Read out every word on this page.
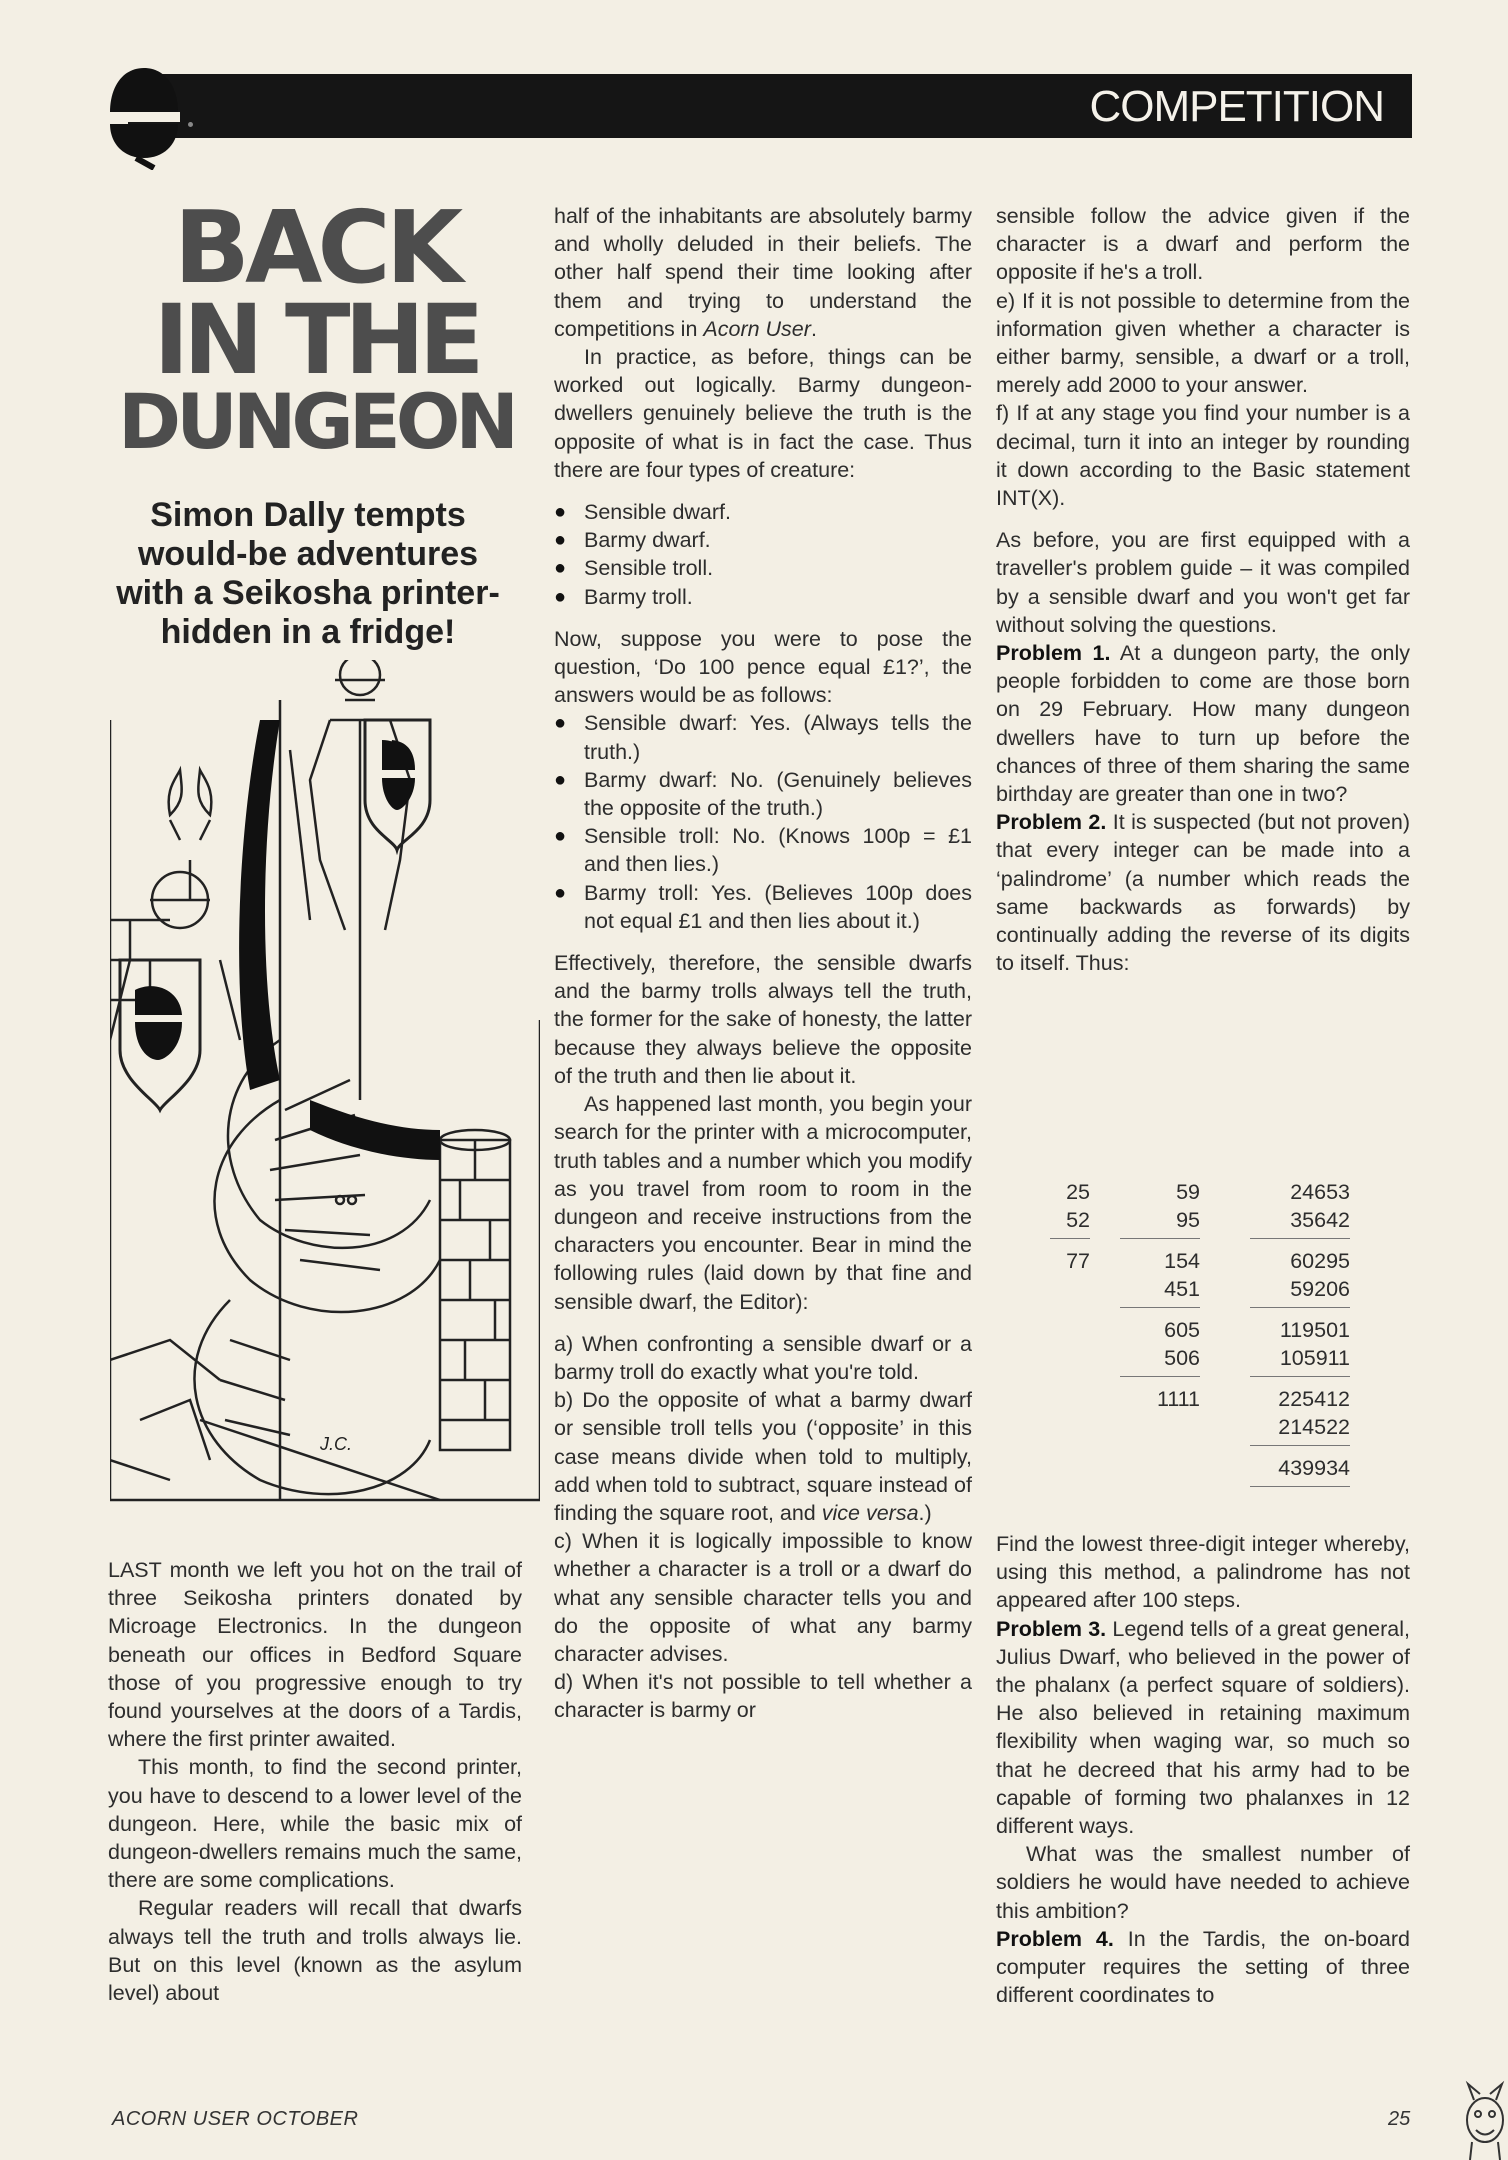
COMPETITION
BACK
IN THE
DUNGEON
Simon Dally tempts would-be adventures with a Seikosha printer-hidden in a fridge!
J.C.

LAST month we left you hot on the trail of three Seikosha printers donated by Microage Electronics. In the dungeon beneath our offices in Bedford Square those of you progressive enough to try found yourselves at the doors of a Tardis, where the first printer awaited.

This month, to find the second printer, you have to descend to a lower level of the dungeon. Here, while the basic mix of dungeon-dwellers remains much the same, there are some complications.

Regular readers will recall that dwarfs always tell the truth and trolls always lie. But on this level (known as the asylum level) about

half of the inhabitants are absolutely barmy and wholly deluded in their beliefs. The other half spend their time looking after them and trying to understand the competitions in Acorn User.

In practice, as before, things can be worked out logically. Barmy dungeon-dwellers genuinely believe the truth is the opposite of what is in fact the case. Thus there are four types of creature:

● Sensible dwarf.

● Barmy dwarf.

● Sensible troll.

● Barmy troll.

Now, suppose you were to pose the question, ‘Do 100 pence equal £1?’, the answers would be as follows:

● Sensible dwarf: Yes. (Always tells the truth.)

● Barmy dwarf: No. (Genuinely believes the opposite of the truth.)

● Sensible troll: No. (Knows 100p = £1 and then lies.)

● Barmy troll: Yes. (Believes 100p does not equal £1 and then lies about it.)

Effectively, therefore, the sensible dwarfs and the barmy trolls always tell the truth, the former for the sake of honesty, the latter because they always believe the opposite of the truth and then lie about it.

As happened last month, you begin your search for the printer with a microcomputer, truth tables and a number which you modify as you travel from room to room in the dungeon and receive instructions from the characters you encounter. Bear in mind the following rules (laid down by that fine and sensible dwarf, the Editor):

a) When confronting a sensible dwarf or a barmy troll do exactly what you're told.

b) Do the opposite of what a barmy dwarf or sensible troll tells you (‘opposite’ in this case means divide when told to multiply, add when told to subtract, square instead of finding the square root, and vice versa.)

c) When it is logically impossible to know whether a character is a troll or a dwarf do what any sensible character tells you and do the opposite of what any barmy character advises.

d) When it's not possible to tell whether a character is barmy or

sensible follow the advice given if the character is a dwarf and perform the opposite if he's a troll.

e) If it is not possible to determine from the information given whether a character is either barmy, sensible, a dwarf or a troll, merely add 2000 to your answer.

f) If at any stage you find your number is a decimal, turn it into an integer by rounding it down according to the Basic statement INT(X).

As before, you are first equipped with a traveller's problem guide – it was compiled by a sensible dwarf and you won't get far without solving the questions.

Problem 1. At a dungeon party, the only people forbidden to come are those born on 29 February. How many dungeon dwellers have to turn up before the chances of three of them sharing the same birthday are greater than one in two?

Problem 2. It is suspected (but not proven) that every integer can be made into a ‘palindrome’ (a number which reads the same backwards as forwards) by continually adding the reverse of its digits to itself. Thus:

25
52
77
59
95
154
451
605
506
1111
24653
35642
60295
59206
119501
105911
225412
214522
439934

Find the lowest three-digit integer whereby, using this method, a palindrome has not appeared after 100 steps.

Problem 3. Legend tells of a great general, Julius Dwarf, who believed in the power of the phalanx (a perfect square of soldiers). He also believed in retaining maximum flexibility when waging war, so much so that he decreed that his army had to be capable of forming two phalanxes in 12 different ways.

What was the smallest number of soldiers he would have needed to achieve this ambition?

Problem 4. In the Tardis, the on-board computer requires the setting of three different coordinates to

ACORN USER OCTOBER	25
